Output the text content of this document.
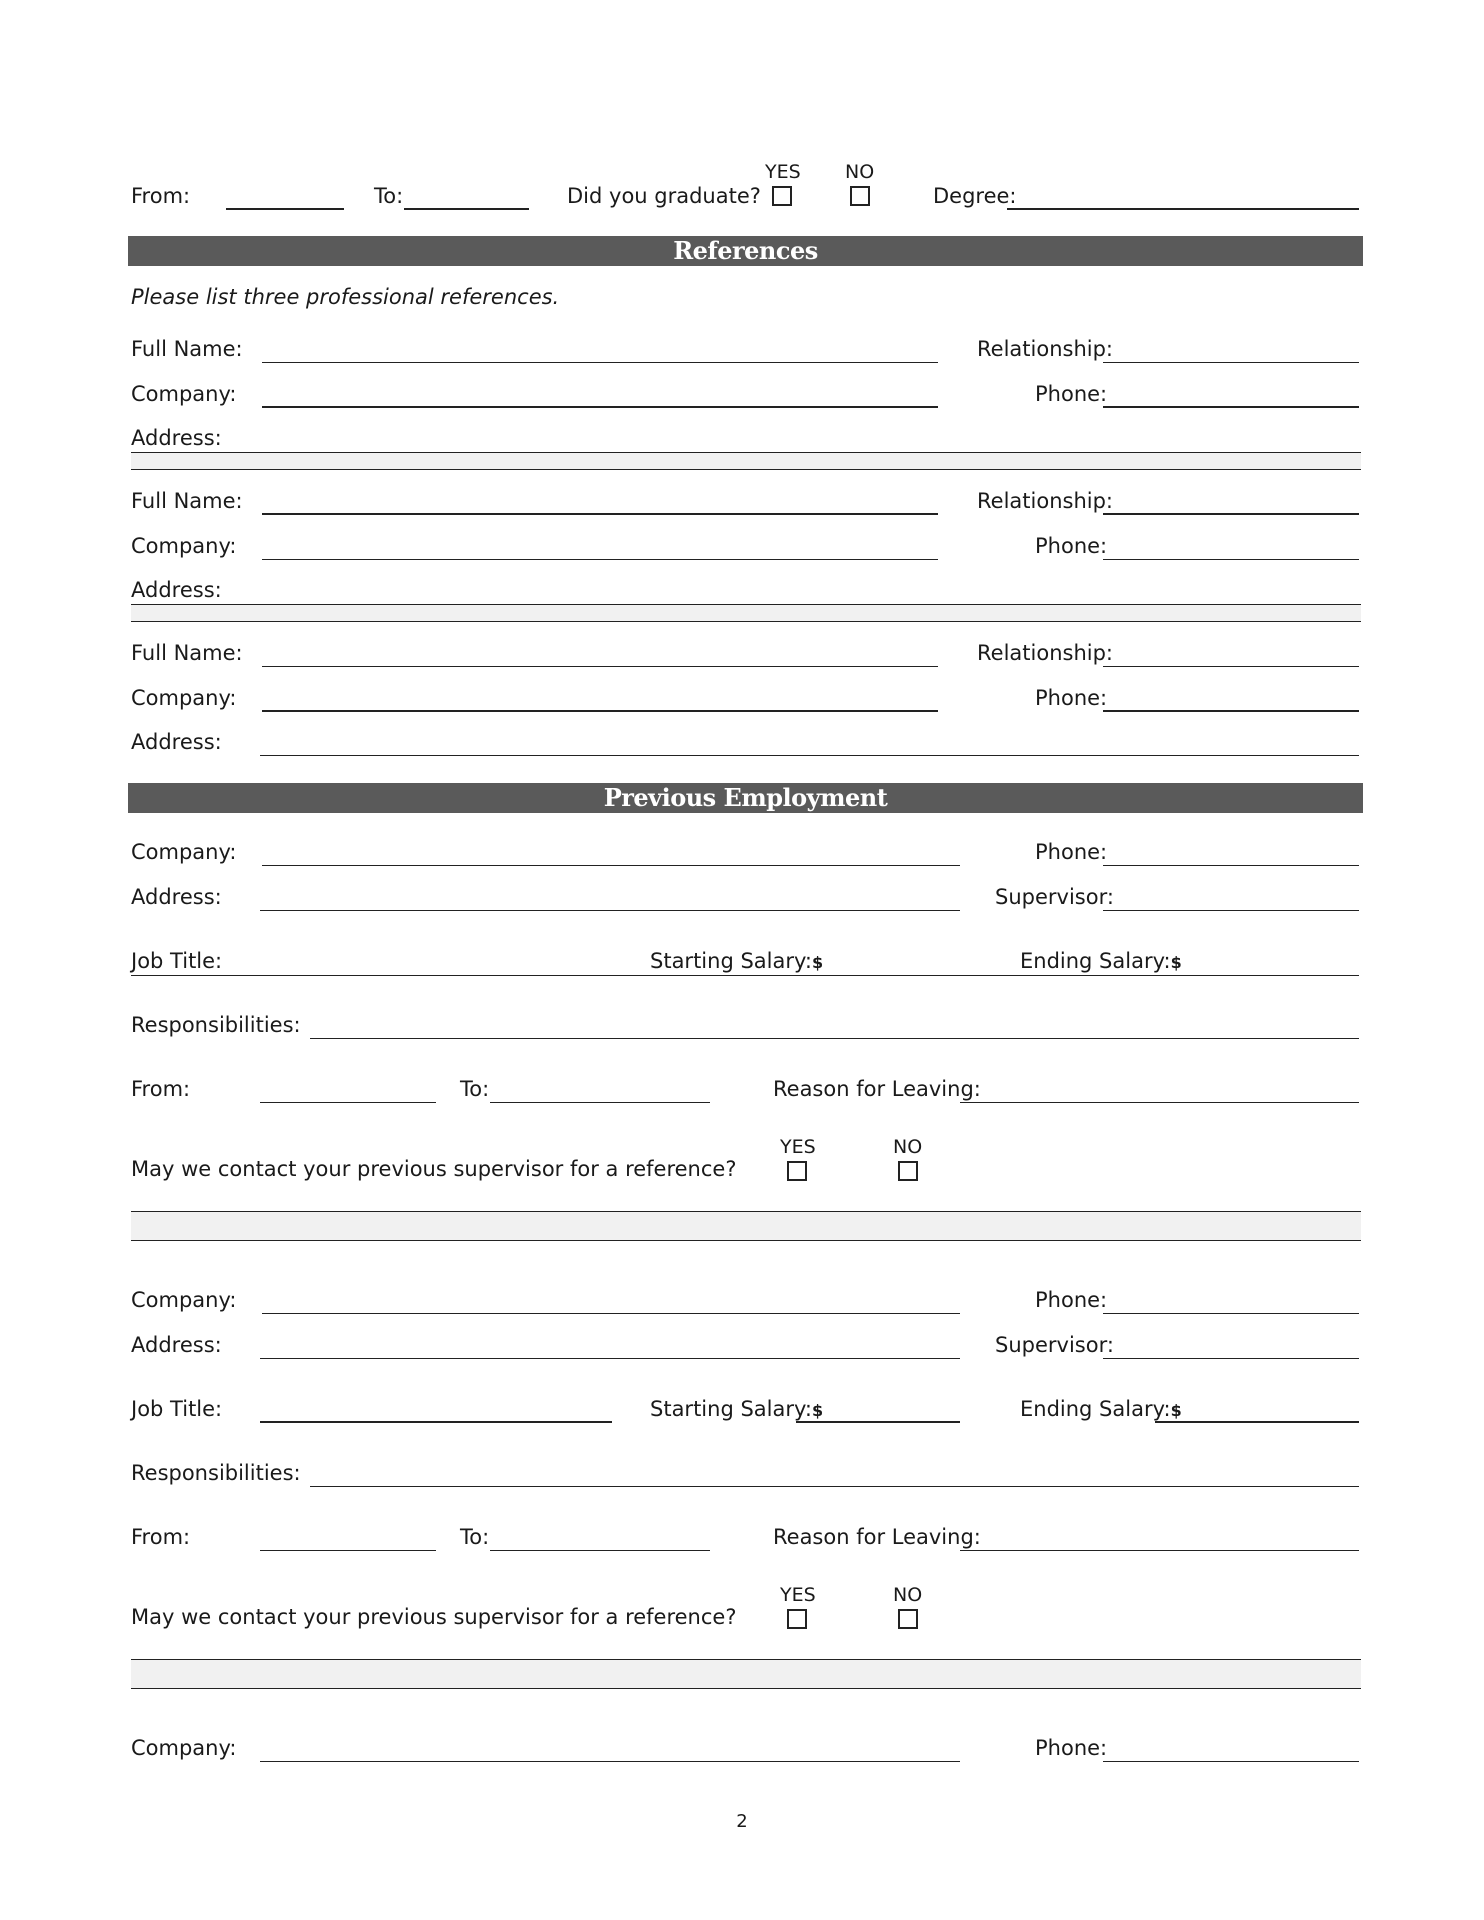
From:	To:	Did you graduate?
YES NO
Degree:
References
Please list three professional references.
Full Name:	Relationship:
Company:	Phone:
Address:
Full Name:	Relationship:
Company:	Phone:
Address:
Full Name:	Relationship:
Company:	Phone:
Address:
Previous Employment
Company:	Phone:
Address:	Supervisor:
Job Title:	Starting Salary:$	Ending Salary:$
Responsibilities:
From:	To:	Reason for Leaving:
May we contact your previous supervisor for a reference?
YES	NO
Company:	Phone:
Address:	Supervisor:
Job Title:	Starting Salary:$	Ending Salary:$
Responsibilities:
From:	To:	Reason for Leaving:
May we contact your previous supervisor for a reference?
YES	NO
Company:	Phone:
2
